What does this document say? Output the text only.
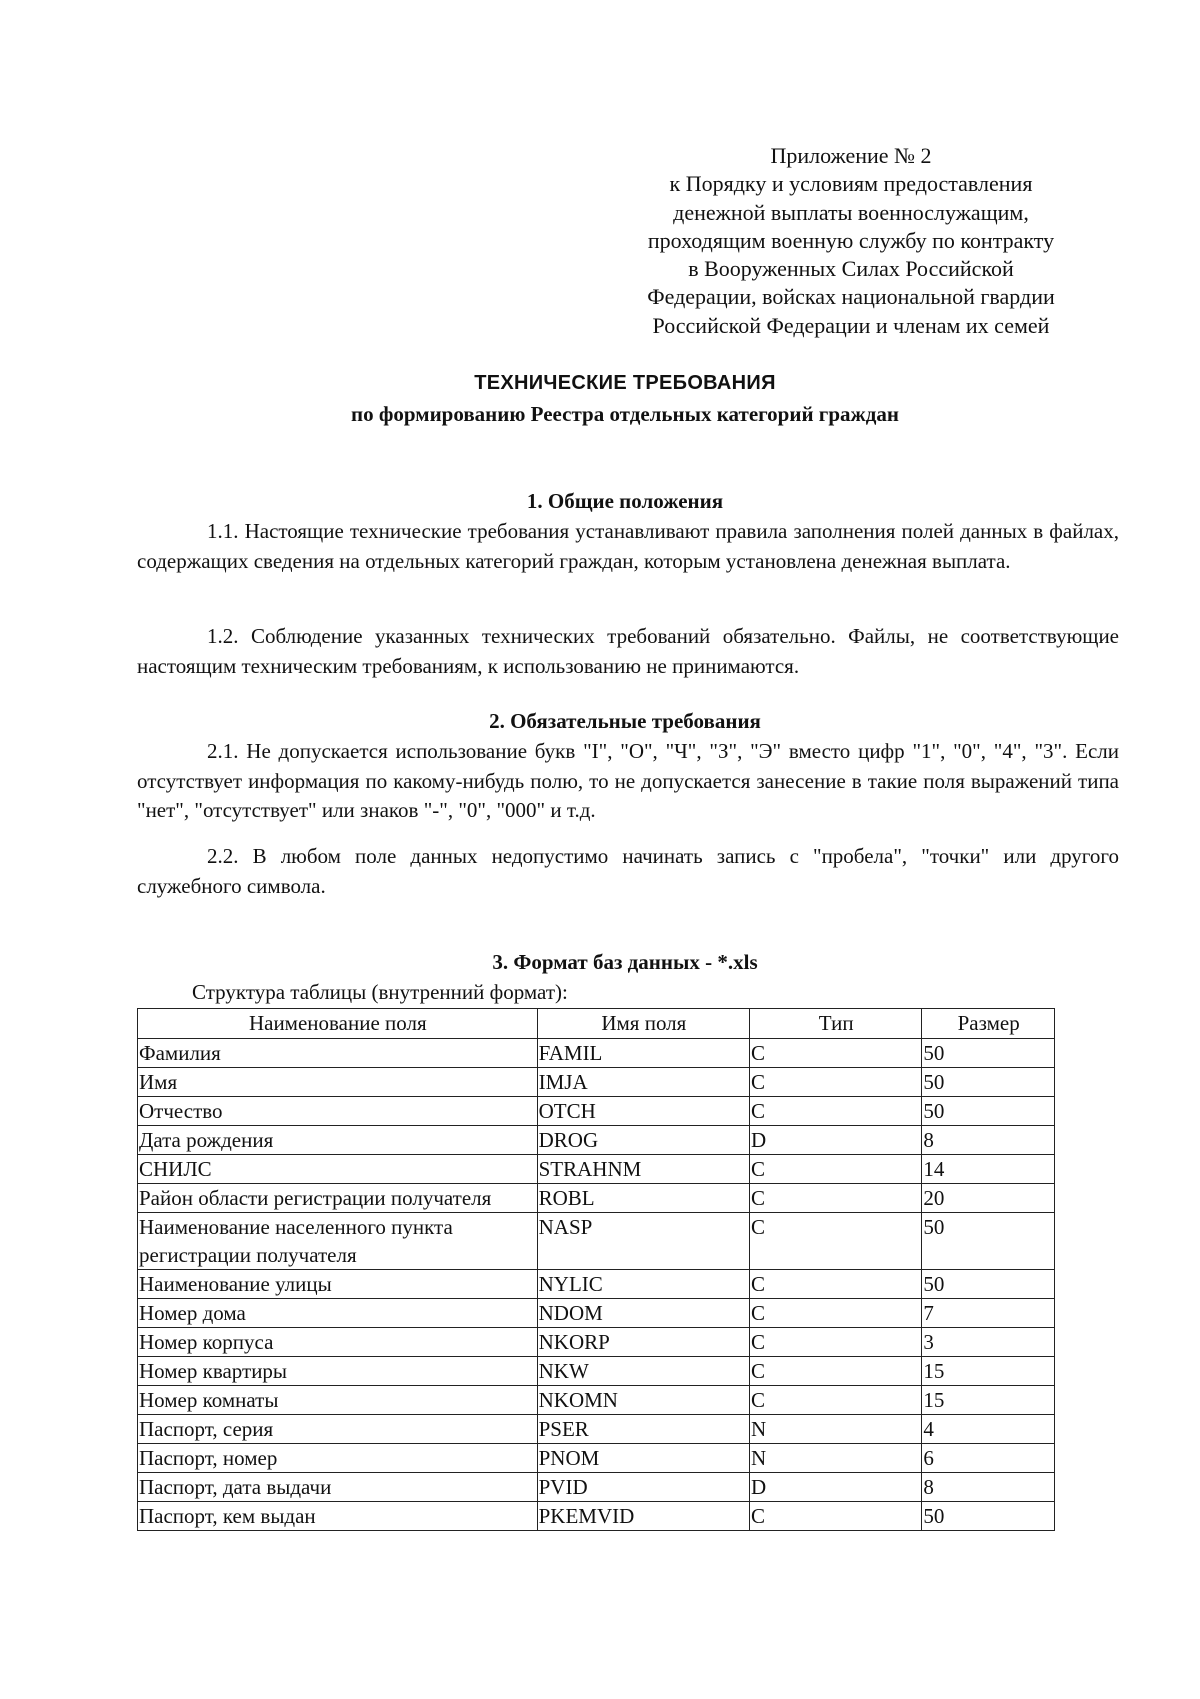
Приложение № 2
к Порядку и условиям предоставления
денежной выплаты военнослужащим,
проходящим военную службу по контракту
в Вооруженных Силах Российской
Федерации, войсках национальной гвардии
Российской Федерации и членам их семей
ТЕХНИЧЕСКИЕ ТРЕБОВАНИЯ
по формированию Реестра отдельных категорий граждан
1. Общие положения
1.1. Настоящие технические требования устанавливают правила заполнения полей данных в файлах, содержащих сведения на отдельных категорий граждан, которым установлена денежная выплата.
1.2. Соблюдение указанных технических требований обязательно. Файлы, не соответствующие настоящим техническим требованиям, к использованию не принимаются.
2. Обязательные требования
2.1. Не допускается использование букв "I", "О", "Ч", "З", "Э" вместо цифр "1", "0", "4", "3". Если отсутствует информация по какому-нибудь полю, то не допускается занесение в такие поля выражений типа "нет", "отсутствует" или знаков "-", "0", "000" и т.д.
2.2. В любом поле данных недопустимо начинать запись с "пробела", "точки" или другого служебного символа.
3. Формат баз данных - *.xls
Структура таблицы (внутренний формат):
Наименование поля	Имя поля	Тип	Размер
Фамилия	FAMIL	C	50
Имя	IMJA	C	50
Отчество	OTCH	C	50
Дата рождения	DROG	D	8
СНИЛС	STRAHNM	C	14
Район области регистрации получателя	ROBL	C	20
Наименование населенного пункта регистрации получателя	NASP	C	50
Наименование улицы	NYLIC	C	50
Номер дома	NDOM	C	7
Номер корпуса	NKORP	C	3
Номер квартиры	NKW	C	15
Номер комнаты	NKOMN	C	15
Паспорт, серия	PSER	N	4
Паспорт, номер	PNOM	N	6
Паспорт, дата выдачи	PVID	D	8
Паспорт, кем выдан	PKEMVID	C	50
